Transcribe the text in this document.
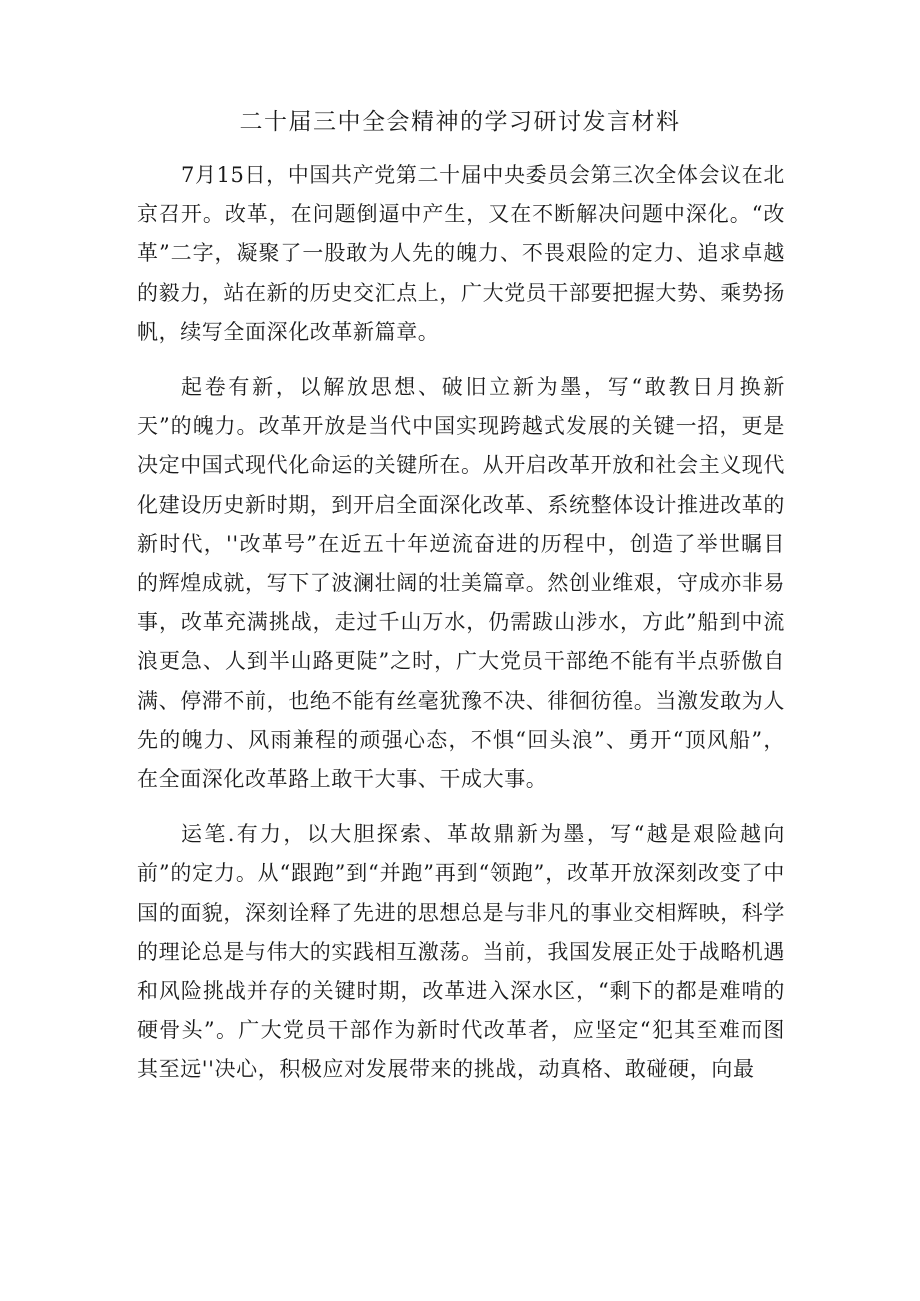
二十届三中全会精神的学习研讨发言材料

7月15日，中国共产党第二十届中央委员会第三次全体会议在北京召开。改革，在问题倒逼中产生，又在不断解决问题中深化。“改革”二字，凝聚了一股敢为人先的魄力、不畏艰险的定力、追求卓越的毅力，站在新的历史交汇点上，广大党员干部要把握大势、乘势扬帆，续写全面深化改革新篇章。

起卷有新，以解放思想、破旧立新为墨，写“敢教日月换新天”的魄力。改革开放是当代中国实现跨越式发展的关键一招，更是决定中国式现代化命运的关键所在。从开启改革开放和社会主义现代化建设历史新时期，到开启全面深化改革、系统整体设计推进改革的新时代，''改革号”在近五十年逆流奋进的历程中，创造了举世瞩目的辉煌成就，写下了波澜壮阔的壮美篇章。然创业维艰，守成亦非易事，改革充满挑战，走过千山万水，仍需跋山涉水，方此”船到中流浪更急、人到半山路更陡”之时，广大党员干部绝不能有半点骄傲自满、停滞不前，也绝不能有丝毫犹豫不决、徘徊彷徨。当激发敢为人先的魄力、风雨兼程的顽强心态，不惧“回头浪”、勇开“顶风船”，在全面深化改革路上敢干大事、干成大事。

运笔.有力，以大胆探索、革故鼎新为墨，写“越是艰险越向前”的定力。从“跟跑”到“并跑”再到“领跑”，改革开放深刻改变了中国的面貌，深刻诠释了先进的思想总是与非凡的事业交相辉映，科学的理论总是与伟大的实践相互激荡。当前，我国发展正处于战略机遇和风险挑战并存的关键时期，改革进入深水区，“剩下的都是难啃的硬骨头”。广大党员干部作为新时代改革者，应坚定“犯其至难而图其至远''决心，积极应对发展带来的挑战，动真格、敢碰硬，向最
